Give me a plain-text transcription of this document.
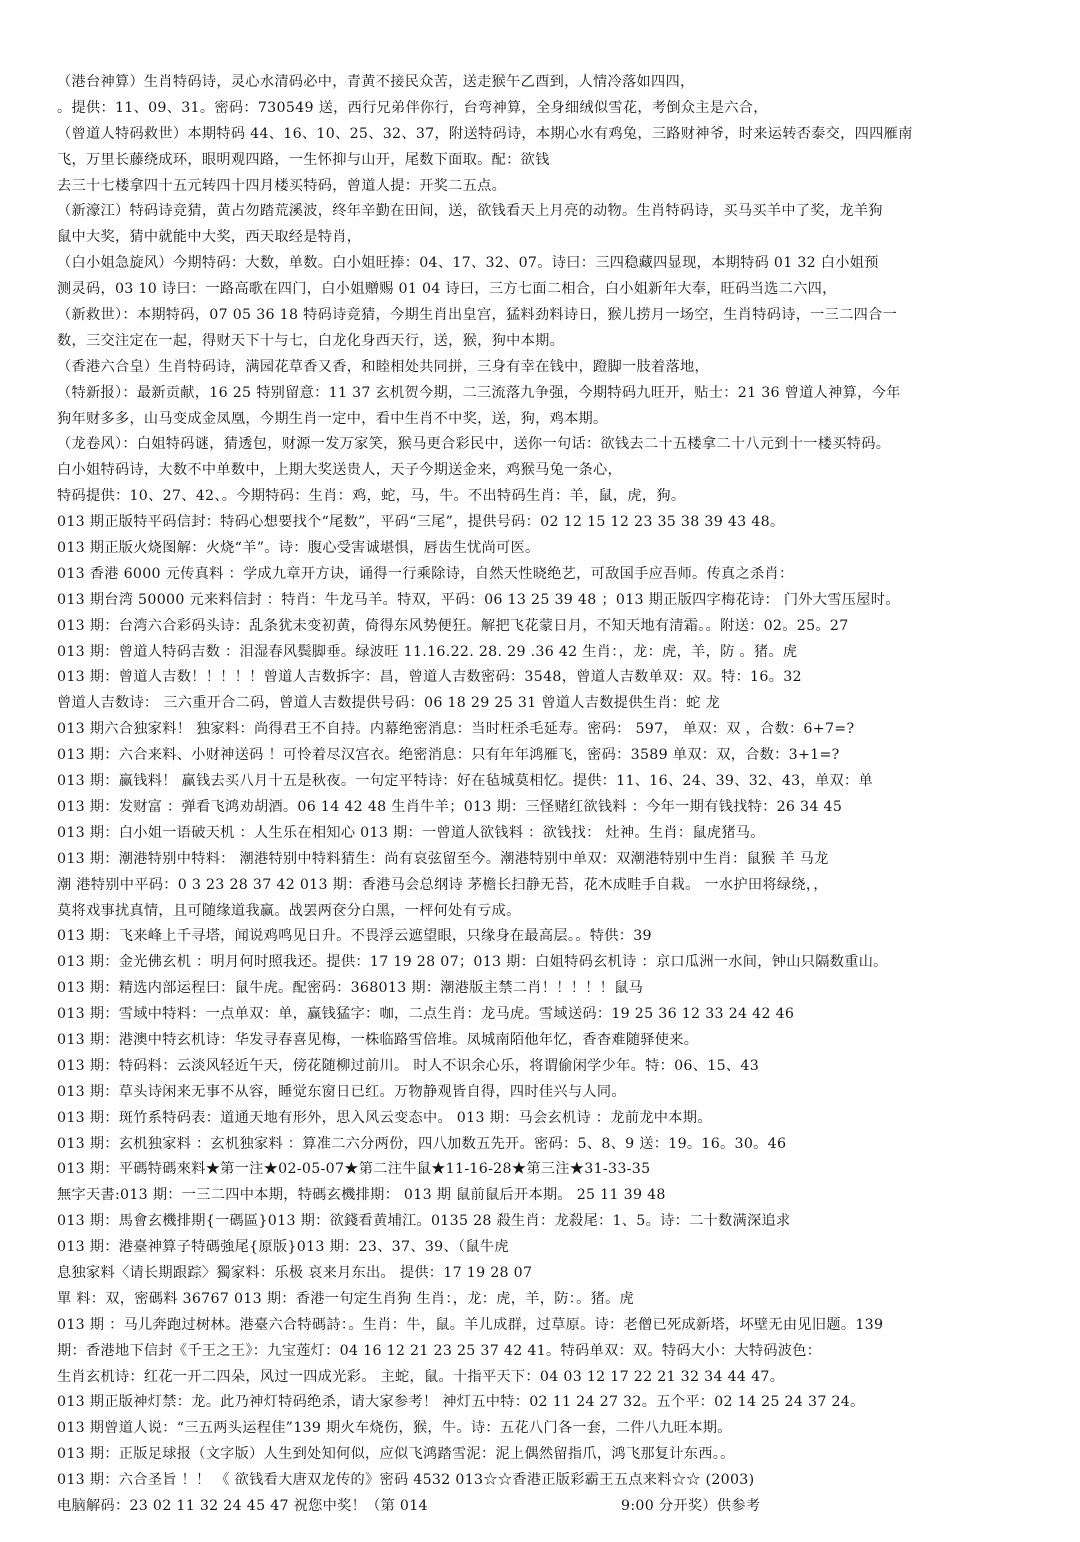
（港台神算）生肖特码诗，灵心水清码必中，青黄不接民众苦，送走猴午乙酉到，人情冷落如四四，
。提供：11、09、31。密码：730549 送，西行兄弟伴你行，台弯神算，全身细绒似雪花，考倒众主是六合，
（曾道人特码救世）本期特码 44、16、10、25、32、37，附送特码诗，本期心水有鸡兔，三路财神爷，时来运转否泰交，四四雁南
飞，万里长藤绕成环，眼明观四路，一生怀抑与山开，尾数下面取。配：欲钱
去三十七楼拿四十五元转四十四月楼买特码，曾道人提：开奖二五点。
（新濠江）特码诗竞猜，黄占勿踏荒溪波，终年辛勤在田间，送，欲钱看天上月亮的动物。生肖特码诗，买马买羊中了奖，龙羊狗
鼠中大奖，猜中就能中大奖，西天取经是特肖，
（白小姐急旋风）今期特码：大数，单数。白小姐旺捧：04、17、32、07。诗曰：三四稳藏四显现，本期特码 01 32 白小姐预
测灵码，03 10 诗曰：一路高歌在四门，白小姐赠赐 01 04 诗曰，三方七面二相合，白小姐新年大奉，旺码当选二六四，
（新救世）：本期特码，07 05 36 18 特码诗竞猜，今期生肖出皇宫，猛料劲料诗日，猴儿捞月一场空，生肖特码诗，一三二四合一
数，三交注定在一起，得财天下十与七，白龙化身西天行，送，猴，狗中本期。
（香港六合皇）生肖特码诗，满园花草香又香，和睦相处共同拼，三身有幸在钱中，蹬脚一肢着落地，
（特新报）：最新贡献，16 25 特别留意：11 37 玄机贺今期，二三流落九争强，今期特码九旺开，贴士：21 36 曾道人神算，今年
狗年财多多，山马变成金凤凰，今期生肖一定中，看中生肖不中奖，送，狗，鸡本期。
（龙卷风）：白姐特码谜，猜透包，财源一发万家笑，猴马更合彩民中，送你一句话：欲钱去二十五楼拿二十八元到十一楼买特码。
白小姐特码诗，大数不中单数中，上期大奖送贵人，天子今期送金来，鸡猴马兔一条心，
特码提供：10、27、42、。今期特码：生肖：鸡，蛇，马，牛。不出特码生肖：羊，鼠，虎，狗。
013 期正版特平码信封：特码心想要找个“尾数”，平码“三尾”，提供号码：02 12 15 12 23 35 38 39 43 48。
013 期正版火烧图解：火烧“羊”。诗：腹心受害诚堪惧，唇齿生忧尚可医。
013 香港 6000 元传真料 ：学成九章开方诀，诵得一行乘除诗，自然天性晓绝艺，可敌国手应吾师。传真之杀肖：
013 期台湾 50000 元来料信封 ：特肖：牛龙马羊。特双，平码：06 13 25 39 48 ；013 期正版四字梅花诗： 门外大雪压屋时。
013 期：台湾六合彩码头诗：乱条犹未变初黄，倚得东风势便狂。解把飞花蒙日月，不知天地有清霜。。附送：02。25。27
013 期：曾道人特码吉数 ：泪湿春风鬓脚垂。绿波旺 11.16.22. 28. 29 .36 42 生肖：，龙：虎，羊，防 。猪。虎
013 期：曾道人吉数！！！！！曾道人吉数拆字：昌，曾道人吉数密码：3548，曾道人吉数单双：双。特：16。32
曾道人吉数诗： 三六重开合二码，曾道人吉数提供号码：06 18 29 25 31 曾道人吉数提供生肖：蛇 龙
013 期六合独家料！ 独家料：尚得君王不自持。内幕绝密消息：当时枉杀毛延寿。密码： 597， 单双：双 ，合数：6+7=?
013 期：六合来料、小财神送码 ！可怜着尽汉宫衣。绝密消息：只有年年鸿雁飞，密码：3589 单双：双，合数：3+1=?
013 期：赢钱料！ 赢钱去买八月十五是秋夜。一句定平特诗：好在毡城莫相忆。提供：11、16、24、39、32、43，单双：单
013 期：发财富 ：弹看飞鸿劝胡酒。06 14 42 48 生肖牛羊；013 期：三怪赌红欲钱料 ：今年一期有钱找特：26 34 45
013 期：白小姐一语破天机 ：人生乐在相知心 013 期：一曾道人欲钱料 ：欲钱找： 灶神。生肖：鼠虎猪马。
013 期：潮港特别中特料： 潮港特别中特料猜生：尚有哀弦留至今。潮港特别中单双：双潮港特别中生肖：鼠猴 羊 马龙
潮 港特别中平码：0 3 23 28 37 42 013 期：香港马会总纲诗 茅檐长扫静无苔，花木成畦手自栽。 一水护田将绿绕，，
莫将戏事扰真情，且可随缘道我赢。战罢两奁分白黑，一枰何处有亏成。
013 期：飞来峰上千寻塔，闻说鸡鸣见日升。不畏浮云遮望眼，只缘身在最高层。。特供：39
013 期：金光佛玄机 ：明月何时照我还。提供：17 19 28 07；013 期：白姐特码玄机诗 ：京口瓜洲一水间，钟山只隔数重山。
013 期：精选内部运程曰：鼠牛虎。配密码：368013 期：潮港版主禁二肖！！！！！鼠马
013 期：雪域中特料：一点单双：单，赢钱猛字：咖，二点生肖：龙马虎。雪域送码：19 25 36 12 33 24 42 46
013 期：港澳中特玄机诗：华发寻春喜见梅，一株临路雪倍堆。凤城南陌他年忆，香杳难随驿使来。
013 期：特码料：云淡风轻近午天，傍花随柳过前川。 时人不识余心乐，将谓偷闲学少年。特：06、15、43
013 期：草头诗闲来无事不从容，睡觉东窗日已红。万物静观皆自得，四时佳兴与人同。
013 期：斑竹系特码表：道通天地有形外，思入风云变态中。 013 期：马会玄机诗 ：龙前龙中本期。
013 期：玄机独家料 ：玄机独家料 ：算准二六分两份，四八加数五先开。密码：5、8、9 送：19。16。30。46
013 期：平碼特碼來料★第一注★02-05-07★第二注牛鼠★11-16-28★第三注★31-33-35
無字天書:013 期：一三二四中本期，特碼玄機排期： 013 期 鼠前鼠后开本期。 25 11 39 48
013 期：馬會玄機排期{一碼區}013 期：欲錢看黄埔江。0135 28 殺生肖：龙殺尾：1、5。诗：二十数满深追求
013 期：港臺神算子特碼強尾{原版}013 期：23、37、39、（鼠牛虎
息独家料〈请长期跟踪〉獨家料：乐极 哀来月东出。 提供：17 19 28 07
單 料：双，密碼料 36767 013 期：香港一句定生肖狗 生肖：，龙：虎，羊，防：。猪。虎
013 期 ：马儿奔跑过树林。港臺六合特碼詩：。生肖：牛，鼠。羊儿成群，过草原。诗：老僧已死成新塔，坏壁无由见旧题。139
期：香港地下信封《千王之王》：九宝莲灯：04 16 12 21 23 25 37 42 41。特码单双：双。特码大小：大特码波色：
生肖玄机诗：红花一开二四朵，风过一四成光彩。 主蛇，鼠。十指平天下：04 03 12 17 22 21 32 34 44 47。
013 期正版神灯禁：龙。此乃神灯特码绝杀，请大家参考！ 神灯五中特：02 11 24 27 32。五个平：02 14 25 24 37 24。
013 期曾道人说：“三五两头运程佳”139 期火车烧伤，猴，牛。诗：五花八门各一套，二件八九旺本期。
013 期：正版足球报（文字版）人生到处知何似，应似飞鸿踏雪泥：泥上偶然留指爪，鸿飞那复计东西。。
013 期：六合圣旨 ！！ 《 欲钱看大唐双龙传的》密码 4532 013☆☆香港正版彩霸王五点来料☆☆ (2003)
电脑解码：23 02 11 32 24 45 47 祝您中奖！（第 014 　　　　　　　　　　　　　9:00 分开奖）供参考
